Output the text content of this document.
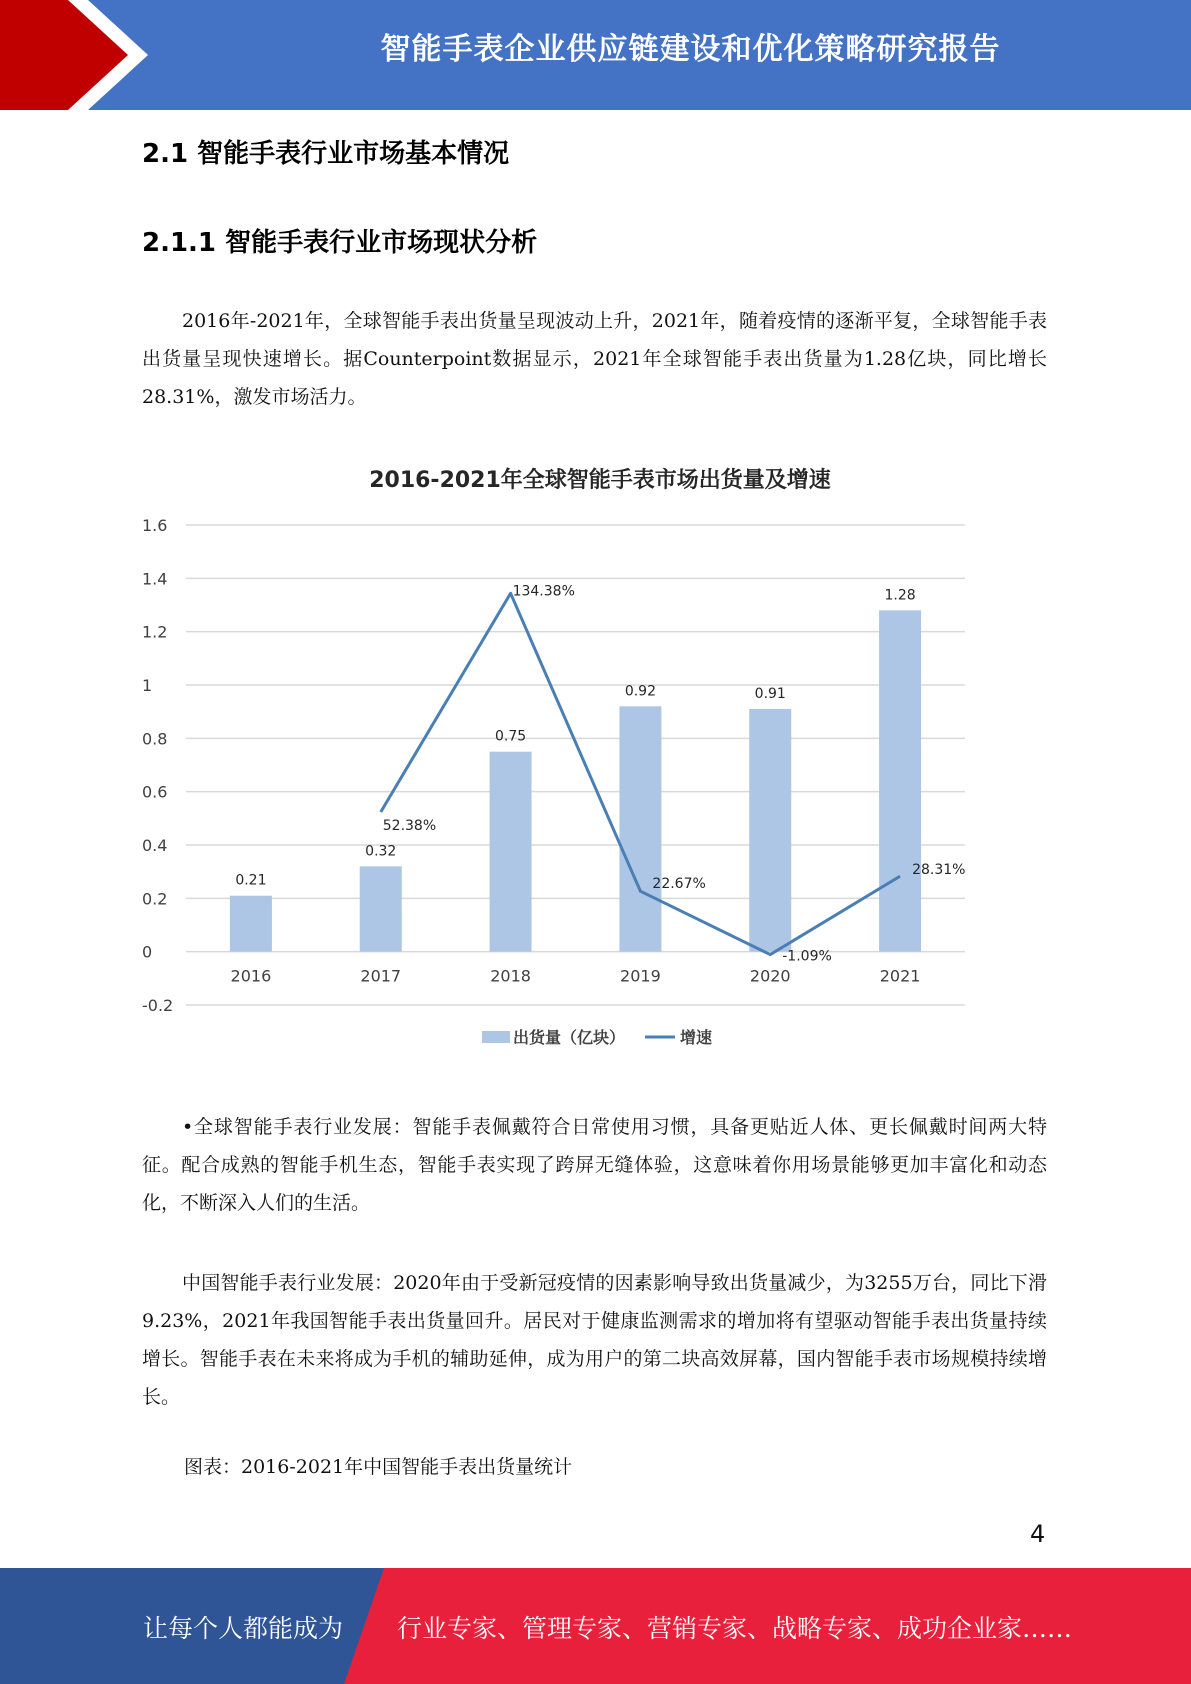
智能手表企业供应链建设和优化策略研究报告
2.1 智能手表行业市场基本情况
2.1.1 智能手表行业市场现状分析

2016年-2021年，全球智能手表出货量呈现波动上升，2021年，随着疫情的逐渐平复，全球智能手表出货量呈现快速增长。据Counterpoint数据显示，2021年全球智能手表出货量为1.28亿块，同比增长28.31%，激发市场活力。

2016-2021年全球智能手表市场出货量及增速
-0.2
0
0.2
0.4
0.6
0.8
1
1.2
1.4
1.6
0.21
0.32
0.75
0.92	0.91
1.28
2016	2017	2018	2019	2020	2021
52.38%
134.38%
22.67%
-1.09%
28.31%
出货量（亿块）	增速

•全球智能手表行业发展：智能手表佩戴符合日常使用习惯，具备更贴近人体、更长佩戴时间两大特征。配合成熟的智能手机生态，智能手表实现了跨屏无缝体验，这意味着你用场景能够更加丰富化和动态化，不断深入人们的生活。

中国智能手表行业发展：2020年由于受新冠疫情的因素影响导致出货量减少，为3255万台，同比下滑9.23%，2021年我国智能手表出货量回升。居民对于健康监测需求的增加将有望驱动智能手表出货量持续增长。智能手表在未来将成为手机的辅助延伸，成为用户的第二块高效屏幕，国内智能手表市场规模持续增长。

图表：2016-2021年中国智能手表出货量统计
4
让每个人都能成为 行业专家、管理专家、营销专家、战略专家、成功企业家……
